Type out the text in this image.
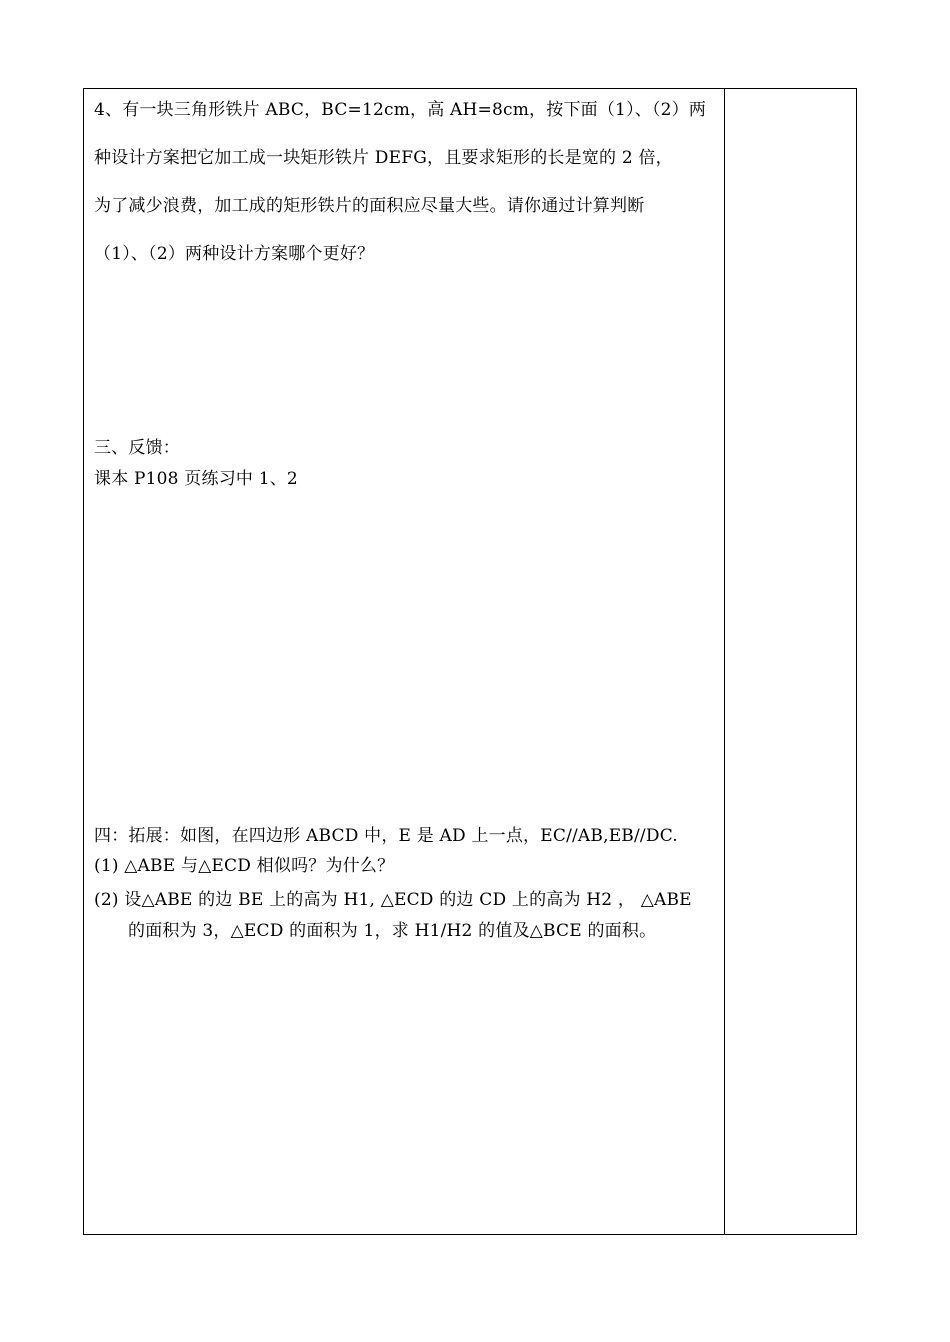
4、有一块三角形铁片 ABC，BC=12cm，高 AH=8cm，按下面（1）、（2）两
种设计方案把它加工成一块矩形铁片 DEFG，且要求矩形的长是宽的 2 倍，
为了减少浪费，加工成的矩形铁片的面积应尽量大些。请你通过计算判断
（1）、（2）两种设计方案哪个更好？
三、反馈：
课本 P108 页练习中 1、2
四：拓展：如图，在四边形 ABCD 中，E 是 AD 上一点，EC//AB,EB//DC.
(1) △ABE 与△ECD 相似吗？为什么？
(2) 设△ABE 的边 BE 上的高为 H1, △ECD 的边 CD 上的高为 H2 ， △ABE
的面积为 3，△ECD 的面积为 1，求 H1/H2 的值及△BCE 的面积。
